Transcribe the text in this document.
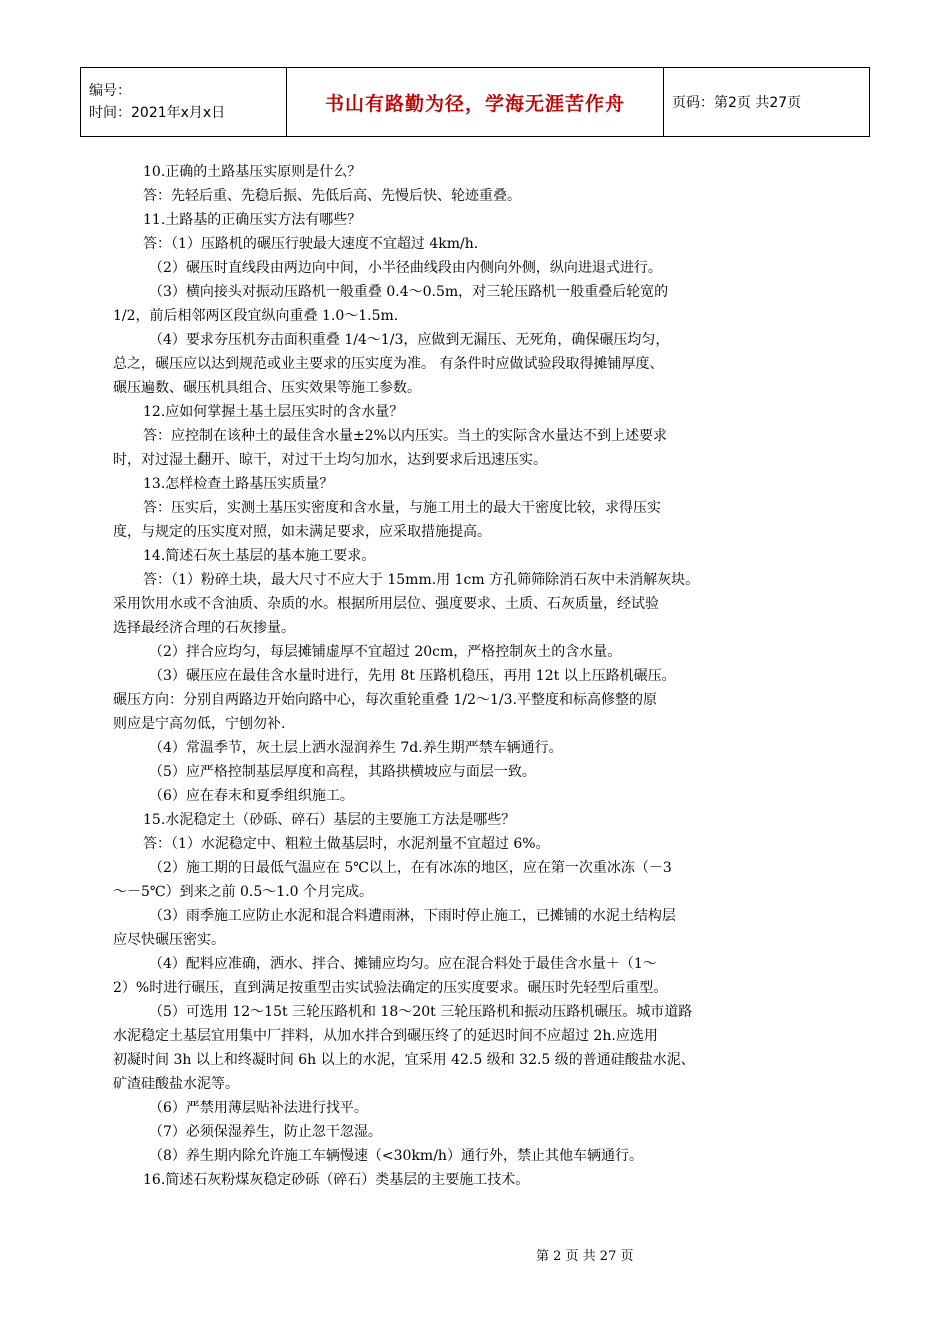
编号：
时间：2021年x月x日	书山有路勤为径，学海无涯苦作舟	页码：第2页 共27页

10.正确的土路基压实原则是什么？

答：先轻后重、先稳后振、先低后高、先慢后快、轮迹重叠。

11.土路基的正确压实方法有哪些？

答：（1）压路机的碾压行驶最大速度不宜超过 4km/h.

（2）碾压时直线段由两边向中间，小半径曲线段由内侧向外侧，纵向进退式进行。

（3）横向接头对振动压路机一般重叠 0.4～0.5m，对三轮压路机一般重叠后轮宽的

1/2，前后相邻两区段宜纵向重叠 1.0～1.5m.

（4）要求夯压机夯击面积重叠 1/4～1/3，应做到无漏压、无死角，确保碾压均匀，

总之，碾压应以达到规范或业主要求的压实度为准。 有条件时应做试验段取得摊铺厚度、

碾压遍数、碾压机具组合、压实效果等施工参数。

12.应如何掌握土基土层压实时的含水量？

答：应控制在该种土的最佳含水量±2%以内压实。当土的实际含水量达不到上述要求

时，对过湿土翻开、晾干，对过干土均匀加水，达到要求后迅速压实。

13.怎样检查土路基压实质量？

答：压实后，实测土基压实密度和含水量，与施工用土的最大干密度比较，求得压实

度，与规定的压实度对照，如未满足要求，应采取措施提高。

14.简述石灰土基层的基本施工要求。

答：（1）粉碎土块，最大尺寸不应大于 15mm.用 1cm 方孔筛筛除消石灰中未消解灰块。

采用饮用水或不含油质、杂质的水。根据所用层位、强度要求、土质、石灰质量，经试验

选择最经济合理的石灰掺量。

（2）拌合应均匀，每层摊铺虚厚不宜超过 20cm，严格控制灰土的含水量。

（3）碾压应在最佳含水量时进行，先用 8t 压路机稳压，再用 12t 以上压路机碾压。

碾压方向：分别自两路边开始向路中心，每次重轮重叠 1/2～1/3.平整度和标高修整的原

则应是宁高勿低，宁刨勿补.

（4）常温季节，灰土层上洒水湿润养生 7d.养生期严禁车辆通行。

（5）应严格控制基层厚度和高程，其路拱横坡应与面层一致。

（6）应在春末和夏季组织施工。

15.水泥稳定土（砂砾、碎石）基层的主要施工方法是哪些？

答：（1）水泥稳定中、粗粒土做基层时，水泥剂量不宜超过 6%。

（2）施工期的日最低气温应在 5℃以上，在有冰冻的地区，应在第一次重冰冻（－3

～－5℃）到来之前 0.5～1.0 个月完成。

（3）雨季施工应防止水泥和混合料遭雨淋，下雨时停止施工，已摊铺的水泥土结构层

应尽快碾压密实。

（4）配料应准确，洒水、拌合、摊铺应均匀。应在混合料处于最佳含水量＋（1～

2）%时进行碾压，直到满足按重型击实试验法确定的压实度要求。碾压时先轻型后重型。

（5）可选用 12～15t 三轮压路机和 18～20t 三轮压路机和振动压路机碾压。城市道路

水泥稳定土基层宜用集中厂拌料，从加水拌合到碾压终了的延迟时间不应超过 2h.应选用

初凝时间 3h 以上和终凝时间 6h 以上的水泥，宜采用 42.5 级和 32.5 级的普通硅酸盐水泥、

矿渣硅酸盐水泥等。

（6）严禁用薄层贴补法进行找平。

（7）必须保湿养生，防止忽干忽湿。

（8）养生期内除允许施工车辆慢速（<30km/h）通行外，禁止其他车辆通行。

16.简述石灰粉煤灰稳定砂砾（碎石）类基层的主要施工技术。

第 2 页 共 27 页
